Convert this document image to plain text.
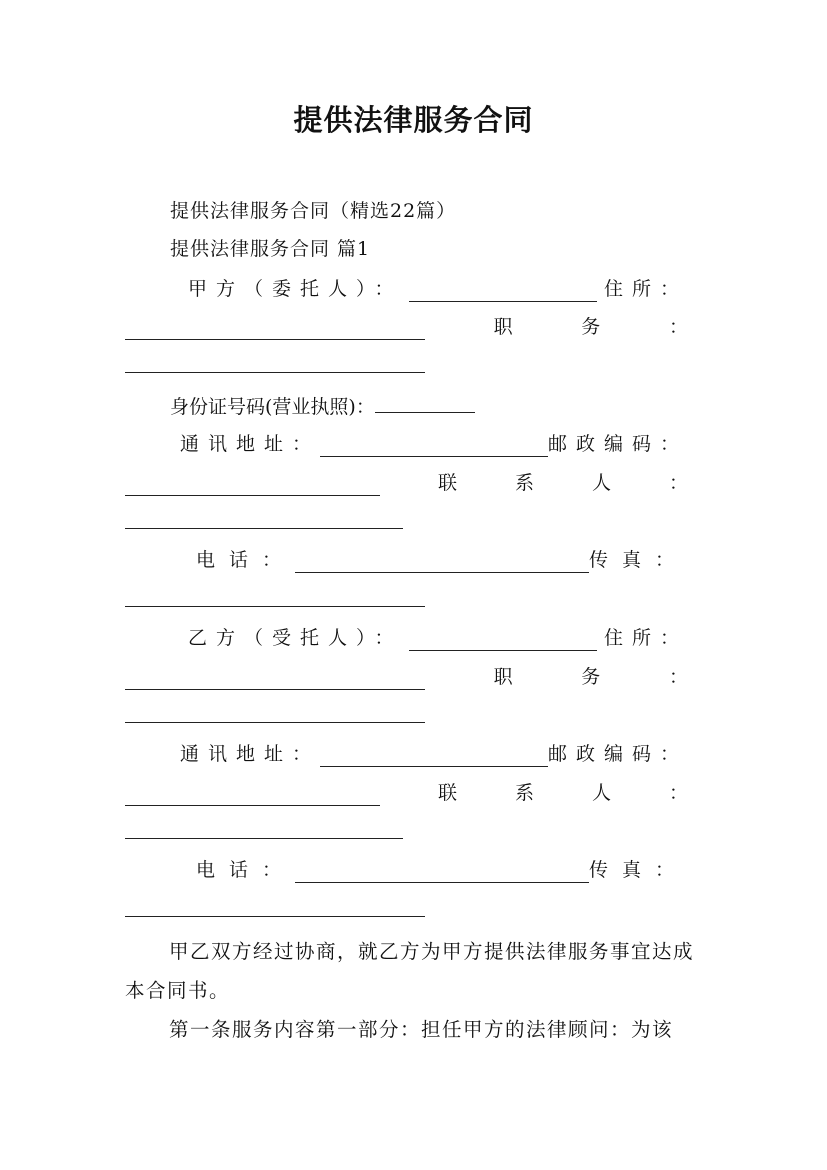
提供法律服务合同
提供法律服务合同（精选22篇）
提供法律服务合同 篇1
甲方（委托人）：	住所：
职	务	：
身份证号码(营业执照)：
通讯地址：	邮政编码：
联	系	人	：
电话：	传真：
乙方（受托人）：	住所：
职	务	：
通讯地址：	邮政编码：
联	系	人	：
电话：	传真：
甲乙双方经过协商，就乙方为甲方提供法律服务事宜达成本合同书。
第一条服务内容第一部分：担任甲方的法律顾问：为该
